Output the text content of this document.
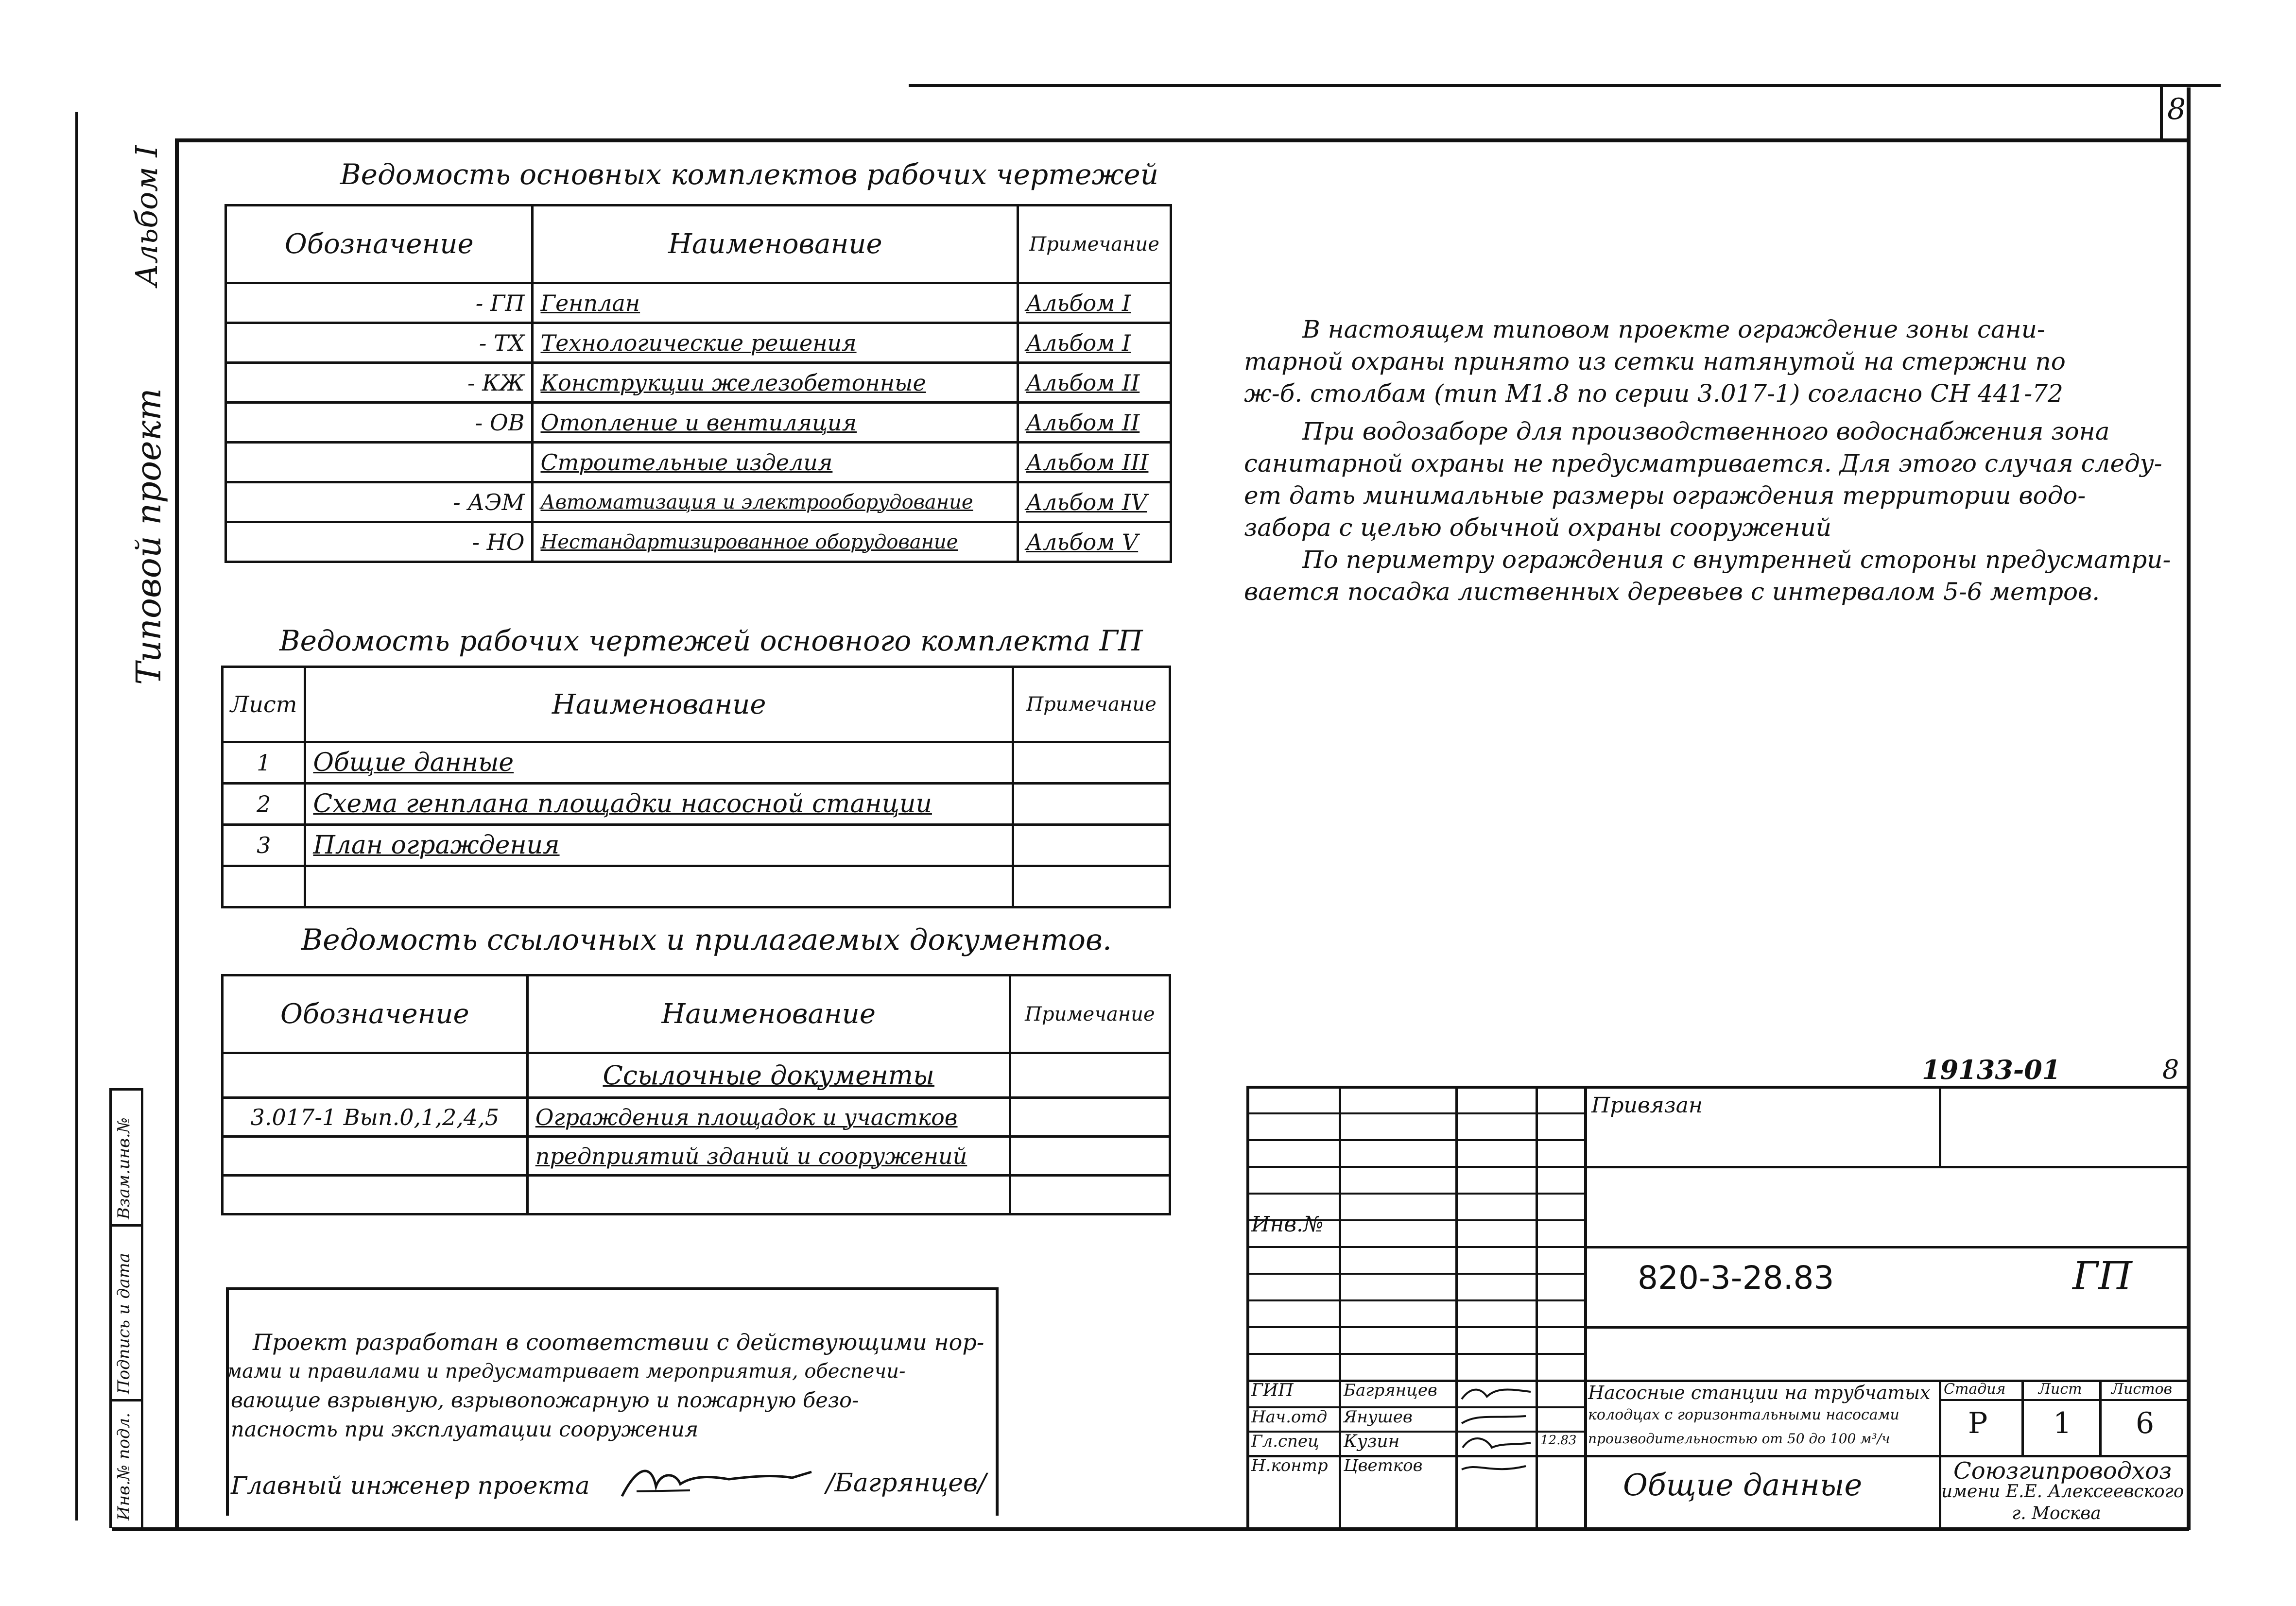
8
Альбом I
Типовой проект
Инв.№ подл.
Подпись и дата
Взам.инв.№
Ведомость основных комплектов рабочих чертежей
Обозначение	Наименование	Примечание
- ГП	Генплан	Альбом I
- ТХ	Технологические решения	Альбом I
- КЖ	Конструкции железобетонные	Альбом II
- ОВ	Отопление и вентиляция	Альбом II
	Строительные изделия	Альбом III
- АЭМ	Автоматизация и электрооборудование	Альбом IV
- НО	Нестандартизированное оборудование	Альбом V
Ведомость рабочих чертежей основного комплекта ГП
Лист	Наименование	Примечание
1	Общие данные	
2	Схема генплана площадки насосной станции	
3	План ограждения	

Ведомость ссылочных и прилагаемых документов.
Обозначение	Наименование	Примечание
	Ссылочные документы	
3.017-1 Вып.0,1,2,4,5	Ограждения площадок и участков	
	предприятий зданий и сооружений	

В настоящем типовом проекте ограждение зоны сани-
тарной охраны принято из сетки натянутой на стержни по
ж-б. столбам (тип М1.8 по серии 3.017-1) согласно СН 441-72
При водозаборе для производственного водоснабжения зона
санитарной охраны не предусматривается. Для этого случая следу-
ет дать минимальные размеры ограждения территории водо-
забора с целью обычной охраны сооружений
По периметру ограждения с внутренней стороны предусматри-
вается посадка лиственных деревьев с интервалом 5-6 метров.
Проект разработан в соответствии с действующими нор-
мами и правилами и предусматривает мероприятия, обеспечи-
вающие взрывную, взрывопожарную и пожарную безо-
пасность при эксплуатации сооружения
Главный инженер проекта	/Багрянцев/
19133-01	8
Привязан
Инв.№
820-3-28.83	ГП
ГИП	Багрянцев
Нач.отд Янушев
Гл.спец Кузин	12.83
Н.контр Цветков
Насосные станции на трубчатых
колодцах с горизонтальными насосами
производительностью от 50 до 100 м³/ч
Стадия Лист Листов
Р 1 6
Общие данные	Союзгипроводхоз
имени Е.Е. Алексеевского
г. Москва
